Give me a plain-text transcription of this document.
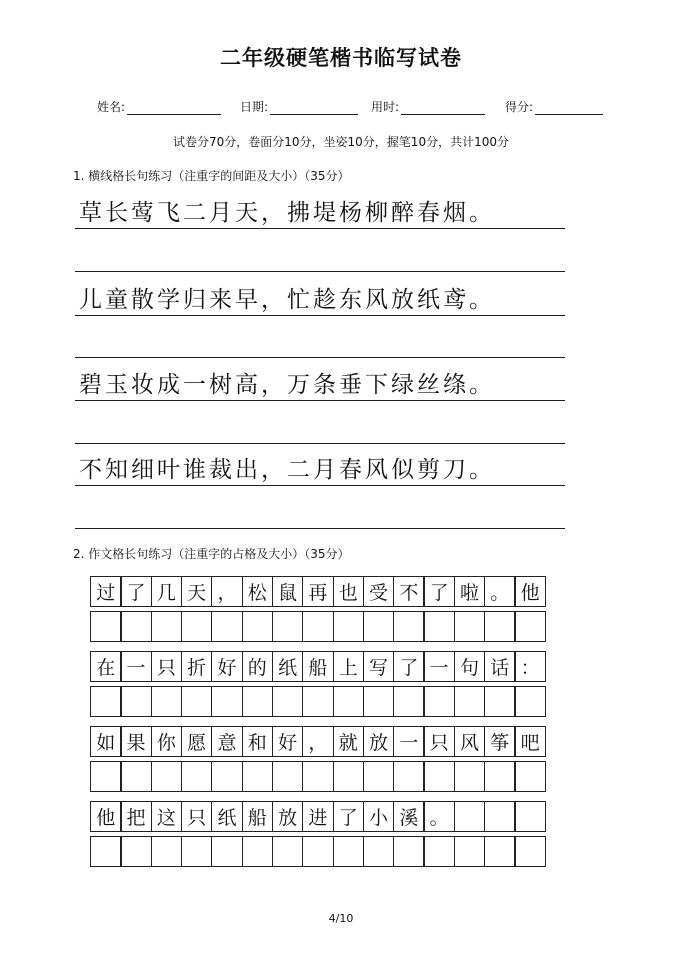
二年级硬笔楷书临写试卷
姓名:	日期:	用时:	得分:
试卷分70分，卷面分10分，坐姿10分，握笔10分，共计100分
1. 横线格长句练习（注重字的间距及大小）（35分）
草长莺飞二月天，拂堤杨柳醉春烟。
儿童散学归来早，忙趁东风放纸鸢。
碧玉妆成一树高，万条垂下绿丝绦。
不知细叶谁裁出，二月春风似剪刀。
2. 作文格长句练习（注重字的占格及大小）（35分）
过 了 几 天 ， 松 鼠 再 也 受 不 了 啦 。 他
在 一 只 折 好 的 纸 船 上 写 了 一 句 话 ：
如 果 你 愿 意 和 好 ， 就 放 一 只 风 筝 吧
他 把 这 只 纸 船 放 进 了 小 溪 。
4/10
